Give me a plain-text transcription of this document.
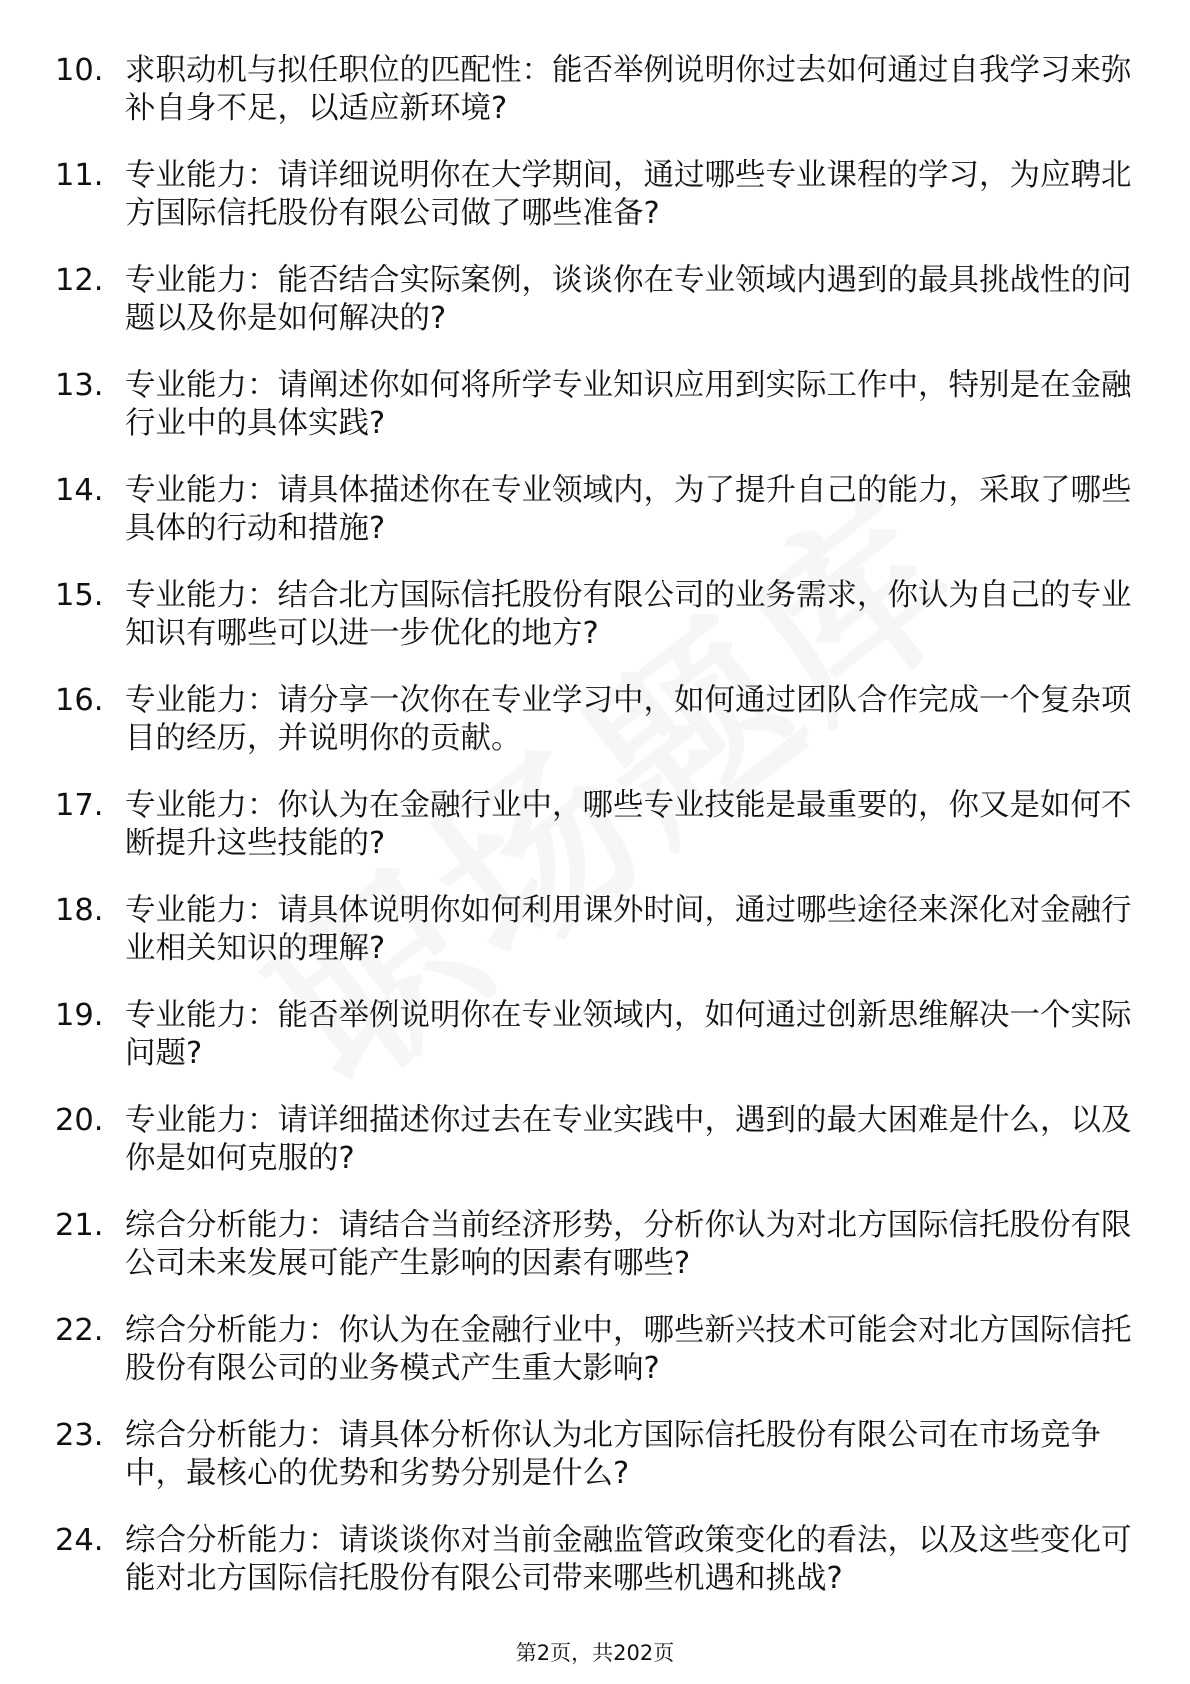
10. 求职动机与拟任职位的匹配性：能否举例说明你过去如何通过自我学习来弥补自身不足，以适应新环境?
11. 专业能力：请详细说明你在大学期间，通过哪些专业课程的学习，为应聘北方国际信托股份有限公司做了哪些准备?
12. 专业能力：能否结合实际案例，谈谈你在专业领域内遇到的最具挑战性的问题以及你是如何解决的?
13. 专业能力：请阐述你如何将所学专业知识应用到实际工作中，特别是在金融行业中的具体实践?
14. 专业能力：请具体描述你在专业领域内，为了提升自己的能力，采取了哪些具体的行动和措施?
15. 专业能力：结合北方国际信托股份有限公司的业务需求，你认为自己的专业知识有哪些可以进一步优化的地方?
16. 专业能力：请分享一次你在专业学习中，如何通过团队合作完成一个复杂项目的经历，并说明你的贡献。
17. 专业能力：你认为在金融行业中，哪些专业技能是最重要的，你又是如何不断提升这些技能的?
18. 专业能力：请具体说明你如何利用课外时间，通过哪些途径来深化对金融行业相关知识的理解?
19. 专业能力：能否举例说明你在专业领域内，如何通过创新思维解决一个实际问题?
20. 专业能力：请详细描述你过去在专业实践中，遇到的最大困难是什么，以及你是如何克服的?
21. 综合分析能力：请结合当前经济形势，分析你认为对北方国际信托股份有限公司未来发展可能产生影响的因素有哪些?
22. 综合分析能力：你认为在金融行业中，哪些新兴技术可能会对北方国际信托股份有限公司的业务模式产生重大影响?
23. 综合分析能力：请具体分析你认为北方国际信托股份有限公司在市场竞争中，最核心的优势和劣势分别是什么?
24. 综合分析能力：请谈谈你对当前金融监管政策变化的看法，以及这些变化可能对北方国际信托股份有限公司带来哪些机遇和挑战?
第2页，共202页
